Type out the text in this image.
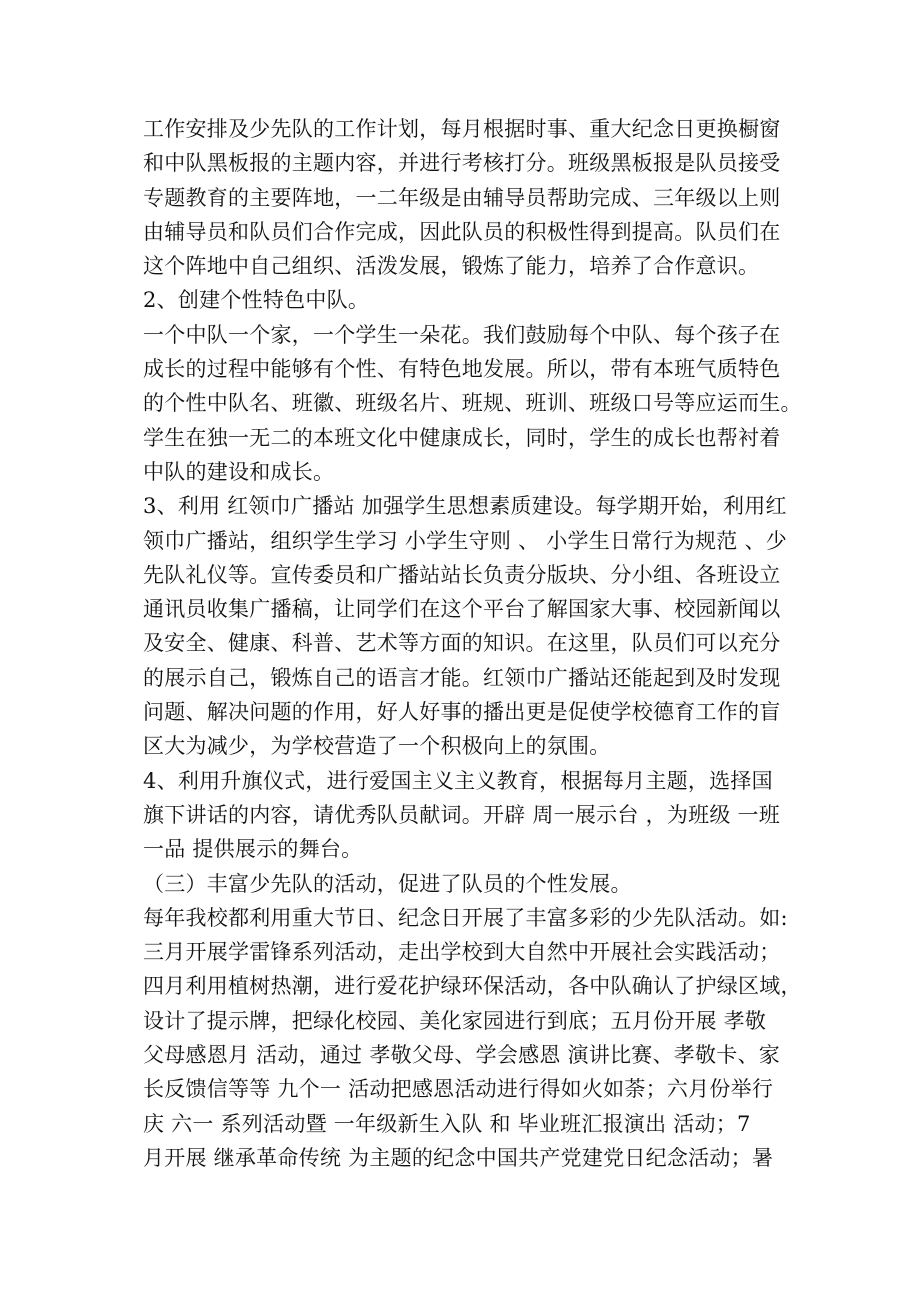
工作安排及少先队的工作计划，每月根据时事、重大纪念日更换橱窗
和中队黑板报的主题内容，并进行考核打分。班级黑板报是队员接受
专题教育的主要阵地，一二年级是由辅导员帮助完成、三年级以上则
由辅导员和队员们合作完成，因此队员的积极性得到提高。队员们在
这个阵地中自己组织、活泼发展，锻炼了能力，培养了合作意识。
2、创建个性特色中队。
一个中队一个家，一个学生一朵花。我们鼓励每个中队、每个孩子在
成长的过程中能够有个性、有特色地发展。所以，带有本班气质特色
的个性中队名、班徽、班级名片、班规、班训、班级口号等应运而生。
学生在独一无二的本班文化中健康成长，同时，学生的成长也帮衬着
中队的建设和成长。
3、利用 红领巾广播站 加强学生思想素质建设。每学期开始，利用红
领巾广播站，组织学生学习 小学生守则 、 小学生日常行为规范 、少
先队礼仪等。宣传委员和广播站站长负责分版块、分小组、各班设立
通讯员收集广播稿，让同学们在这个平台了解国家大事、校园新闻以
及安全、健康、科普、艺术等方面的知识。在这里，队员们可以充分
的展示自己，锻炼自己的语言才能。红领巾广播站还能起到及时发现
问题、解决问题的作用，好人好事的播出更是促使学校德育工作的盲
区大为减少，为学校营造了一个积极向上的氛围。
4、利用升旗仪式，进行爱国主义主义教育，根据每月主题，选择国
旗下讲话的内容，请优秀队员献词。开辟 周一展示台 ，为班级 一班
一品 提供展示的舞台。
（三）丰富少先队的活动，促进了队员的个性发展。
每年我校都利用重大节日、纪念日开展了丰富多彩的少先队活动。如:
三月开展学雷锋系列活动，走出学校到大自然中开展社会实践活动；
四月利用植树热潮，进行爱花护绿环保活动，各中队确认了护绿区域，
设计了提示牌，把绿化校园、美化家园进行到底；五月份开展 孝敬
父母感恩月 活动，通过 孝敬父母、学会感恩 演讲比赛、孝敬卡、家
长反馈信等等 九个一 活动把感恩活动进行得如火如荼；六月份举行
庆 六一 系列活动暨 一年级新生入队 和 毕业班汇报演出 活动；7
月开展 继承革命传统 为主题的纪念中国共产党建党日纪念活动；暑
